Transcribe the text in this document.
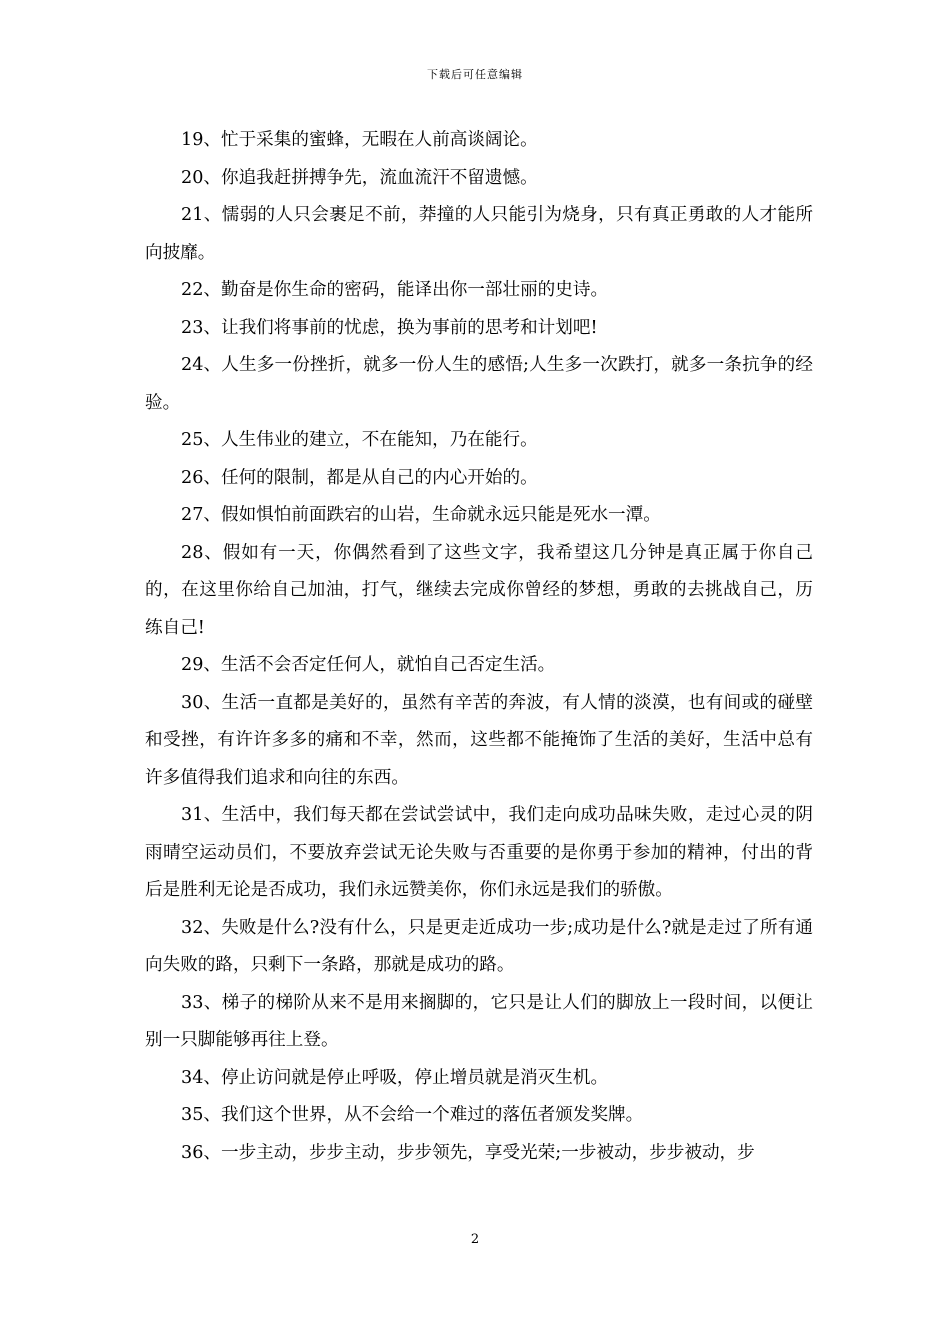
下载后可任意编辑

19、忙于采集的蜜蜂，无暇在人前高谈阔论。

20、你追我赶拼搏争先，流血流汗不留遗憾。

21、懦弱的人只会裹足不前，莽撞的人只能引为烧身，只有真正勇敢的人才能所向披靡。

22、勤奋是你生命的密码，能译出你一部壮丽的史诗。

23、让我们将事前的忧虑，换为事前的思考和计划吧!

24、人生多一份挫折，就多一份人生的感悟;人生多一次跌打，就多一条抗争的经验。

25、人生伟业的建立，不在能知，乃在能行。

26、任何的限制，都是从自己的内心开始的。

27、假如惧怕前面跌宕的山岩，生命就永远只能是死水一潭。

28、假如有一天，你偶然看到了这些文字，我希望这几分钟是真正属于你自己的，在这里你给自己加油，打气，继续去完成你曾经的梦想，勇敢的去挑战自己，历练自己!

29、生活不会否定任何人，就怕自己否定生活。

30、生活一直都是美好的，虽然有辛苦的奔波，有人情的淡漠，也有间或的碰壁和受挫，有许许多多的痛和不幸，然而，这些都不能掩饰了生活的美好，生活中总有许多值得我们追求和向往的东西。

31、生活中，我们每天都在尝试尝试中，我们走向成功品味失败，走过心灵的阴雨晴空运动员们，不要放弃尝试无论失败与否重要的是你勇于参加的精神，付出的背后是胜利无论是否成功，我们永远赞美你，你们永远是我们的骄傲。

32、失败是什么?没有什么，只是更走近成功一步;成功是什么?就是走过了所有通向失败的路，只剩下一条路，那就是成功的路。

33、梯子的梯阶从来不是用来搁脚的，它只是让人们的脚放上一段时间，以便让别一只脚能够再往上登。

34、停止访问就是停止呼吸，停止增员就是消灭生机。

35、我们这个世界，从不会给一个难过的落伍者颁发奖牌。

36、一步主动，步步主动，步步领先，享受光荣;一步被动，步步被动，步

2
